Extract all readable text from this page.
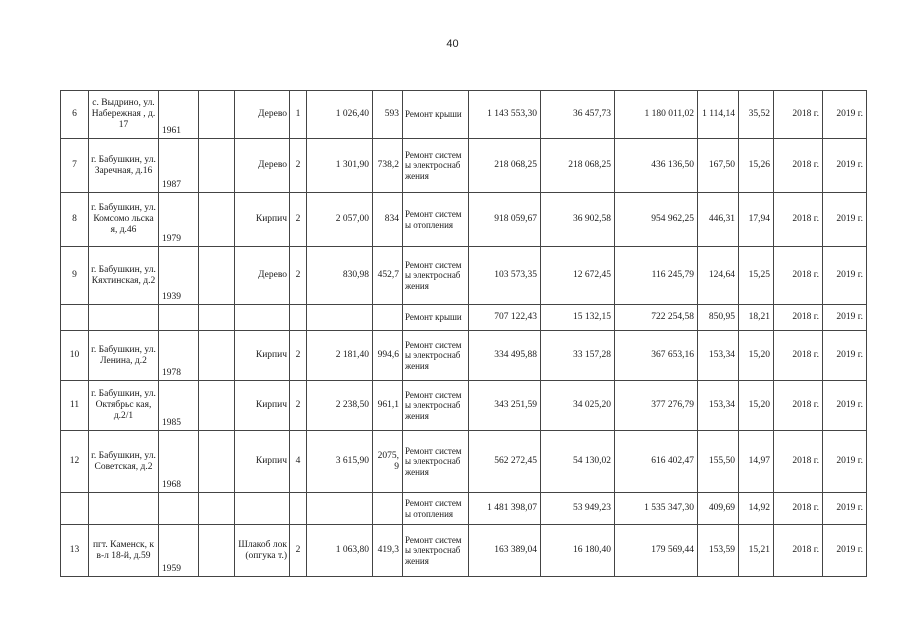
40
6	с. Выдрино, ул. Набережная , д.17	1961		Дерево	1	1 026,40	593	Ремонт крыши	1 143 553,30	36 457,73	1 180 011,02	1 114,14	35,52	2018 г.	2019 г.
7	г. Бабушкин, ул. Заречная, д.16	1987		Дерево	2	1 301,90	738,2	Ремонт системы электроснаб жения	218 068,25	218 068,25	436 136,50	167,50	15,26	2018 г.	2019 г.
8	г. Бабушкин, ул.Комсомо льская, д.46	1979		Кирпич	2	2 057,00	834	Ремонт системы отопления	918 059,67	36 902,58	954 962,25	446,31	17,94	2018 г.	2019 г.
9	г. Бабушкин, ул. Кяхтинская, д.2	1939		Дерево	2	830,98	452,7	Ремонт системы электроснаб жения	103 573,35	12 672,45	116 245,79	124,64	15,25	2018 г.	2019 г.
								Ремонт крыши	707 122,43	15 132,15	722 254,58	850,95	18,21	2018 г.	2019 г.
10	г. Бабушкин, ул. Ленина, д.2	1978		Кирпич	2	2 181,40	994,6	Ремонт системы электроснаб жения	334 495,88	33 157,28	367 653,16	153,34	15,20	2018 г.	2019 г.
11	г. Бабушкин, ул.Октябрьс кая, д.2/1	1985		Кирпич	2	2 238,50	961,1	Ремонт системы электроснаб жения	343 251,59	34 025,20	377 276,79	153,34	15,20	2018 г.	2019 г.
12	г. Бабушкин, ул. Советская, д.2	1968		Кирпич	4	3 615,90	2075,9	Ремонт системы электроснаб жения	562 272,45	54 130,02	616 402,47	155,50	14,97	2018 г.	2019 г.
								Ремонт системы отопления	1 481 398,07	53 949,23	1 535 347,30	409,69	14,92	2018 г.	2019 г.
13	пгт. Каменск, кв-л 18-й, д.59	1959		Шлакоб лок (опгука т.)	2	1 063,80	419,3	Ремонт системы электроснаб жения	163 389,04	16 180,40	179 569,44	153,59	15,21	2018 г.	2019 г.
